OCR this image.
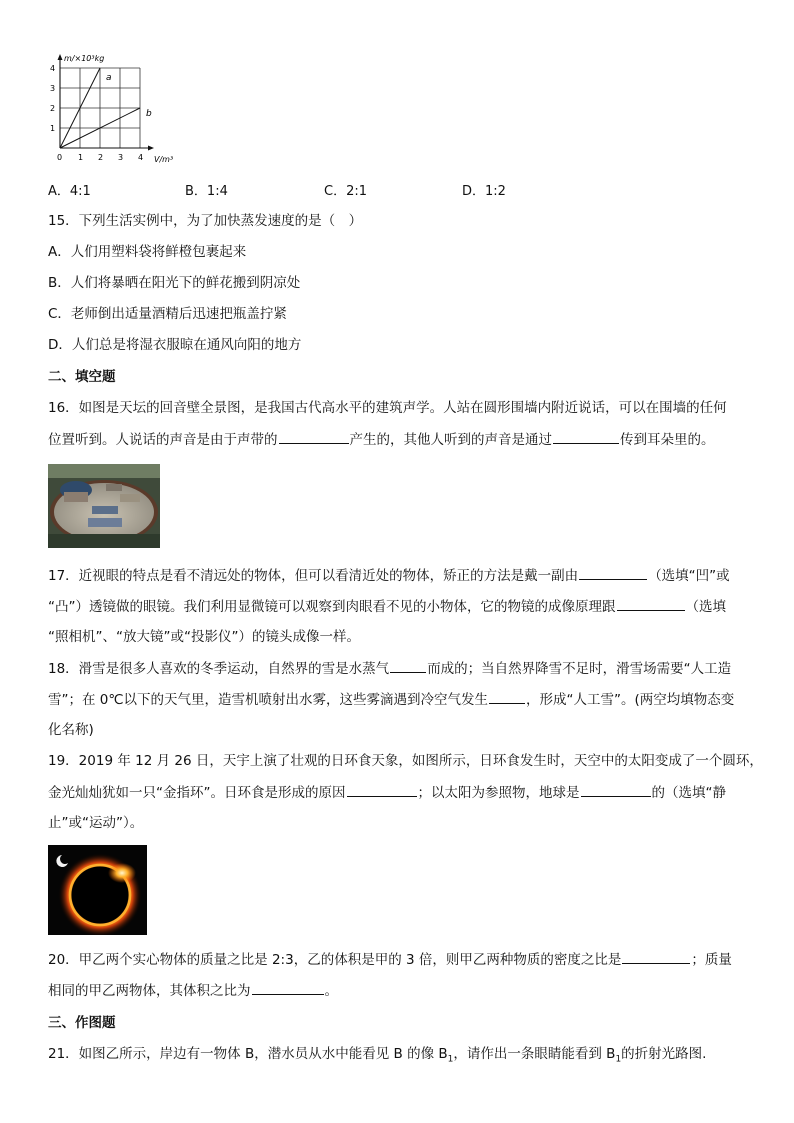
m/×10³kg
V/m³
0 1 2 3 4
1
2
3
4
a
b
A．4:1	B．1:4	C．2:1	D．1:2
15．下列生活实例中，为了加快蒸发速度的是（　）
A．人们用塑料袋将鲜橙包裹起来
B．人们将暴晒在阳光下的鲜花搬到阴凉处
C．老师倒出适量酒精后迅速把瓶盖拧紧
D．人们总是将湿衣服晾在通风向阳的地方
二、填空题
16．如图是天坛的回音壁全景图，是我国古代高水平的建筑声学。人站在圆形围墙内附近说话，可以在围墙的任何
位置听到。人说话的声音是由于声带的	产生的，其他人听到的声音是通过	传到耳朵里的。
17．近视眼的特点是看不清远处的物体，但可以看清近处的物体，矫正的方法是戴一副由	（选填“凹”或
“凸”）透镜做的眼镜。我们利用显微镜可以观察到肉眼看不见的小物体，它的物镜的成像原理跟	（选填
“照相机”、“放大镜”或“投影仪”）的镜头成像一样。
18．滑雪是很多人喜欢的冬季运动，自然界的雪是水蒸气	而成的；当自然界降雪不足时，滑雪场需要“人工造
雪”；在 0℃以下的天气里，造雪机喷射出水雾，这些雾滴遇到冷空气发生	，形成“人工雪”。(两空均填物态变
化名称)
19．2019 年 12 月 26 日，天宇上演了壮观的日环食天象，如图所示，日环食发生时，天空中的太阳变成了一个圆环，
金光灿灿犹如一只“金指环”。日环食是形成的原因	；以太阳为参照物，地球是	的（选填“静
止”或“运动”）。
20．甲乙两个实心物体的质量之比是 2:3，乙的体积是甲的 3 倍，则甲乙两种物质的密度之比是	；质量
相同的甲乙两物体，其体积之比为	。
三、作图题
21．如图乙所示，岸边有一物体 B，潜水员从水中能看见 B 的像 $B_1$，请作出一条眼睛能看到 $B_1$的折射光路图.
